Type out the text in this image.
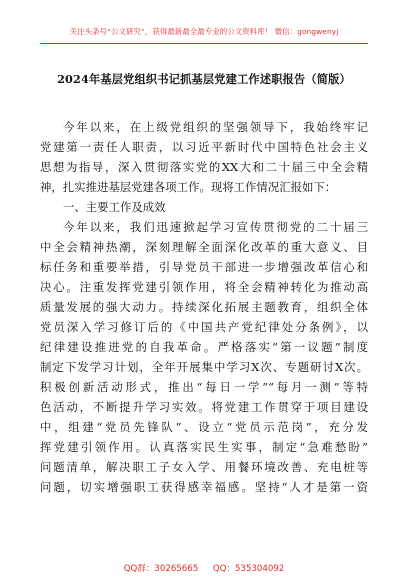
关注头条号“公文研究”，获得最新最全最专业的公文资料库！ 微信：gongwenyj
2024年基层党组织书记抓基层党建工作述职报告（简版）
今年以来，在上级党组织的坚强领导下，我始终牢记
党建第一责任人职责，以习近平新时代中国特色社会主义
思想为指导，深入贯彻落实党的XX大和二十届三中全会精
神，扎实推进基层党建各项工作。现将工作情况汇报如下：
一、主要工作及成效
今年以来，我们迅速掀起学习宣传贯彻党的二十届三
中全会精神热潮，深刻理解全面深化改革的重大意义、目
标任务和重要举措，引导党员干部进一步增强改革信心和
决心。注重发挥党建引领作用，将全会精神转化为推动高
质量发展的强大动力。持续深化拓展主题教育，组织全体
党员深入学习修订后的《中国共产党纪律处分条例》，以
纪律建设推进党的自我革命。严格落实“第一议题”制度
制定下发学习计划，全年开展集中学习X次、专题研讨X次。
积极创新活动形式，推出“每日一学”“每月一测”等特
色活动，不断提升学习实效。将党建工作贯穿于项目建设
中，组建“党员先锋队”、设立“党员示范岗”，充分发
挥党建引领作用。认真落实民生实事，制定“急难愁盼”
问题清单，解决职工子女入学、用餐环境改善、充电桩等
问题，切实增强职工获得感幸福感。坚持“人才是第一资
QQ群：30265665 QQ：535304092
